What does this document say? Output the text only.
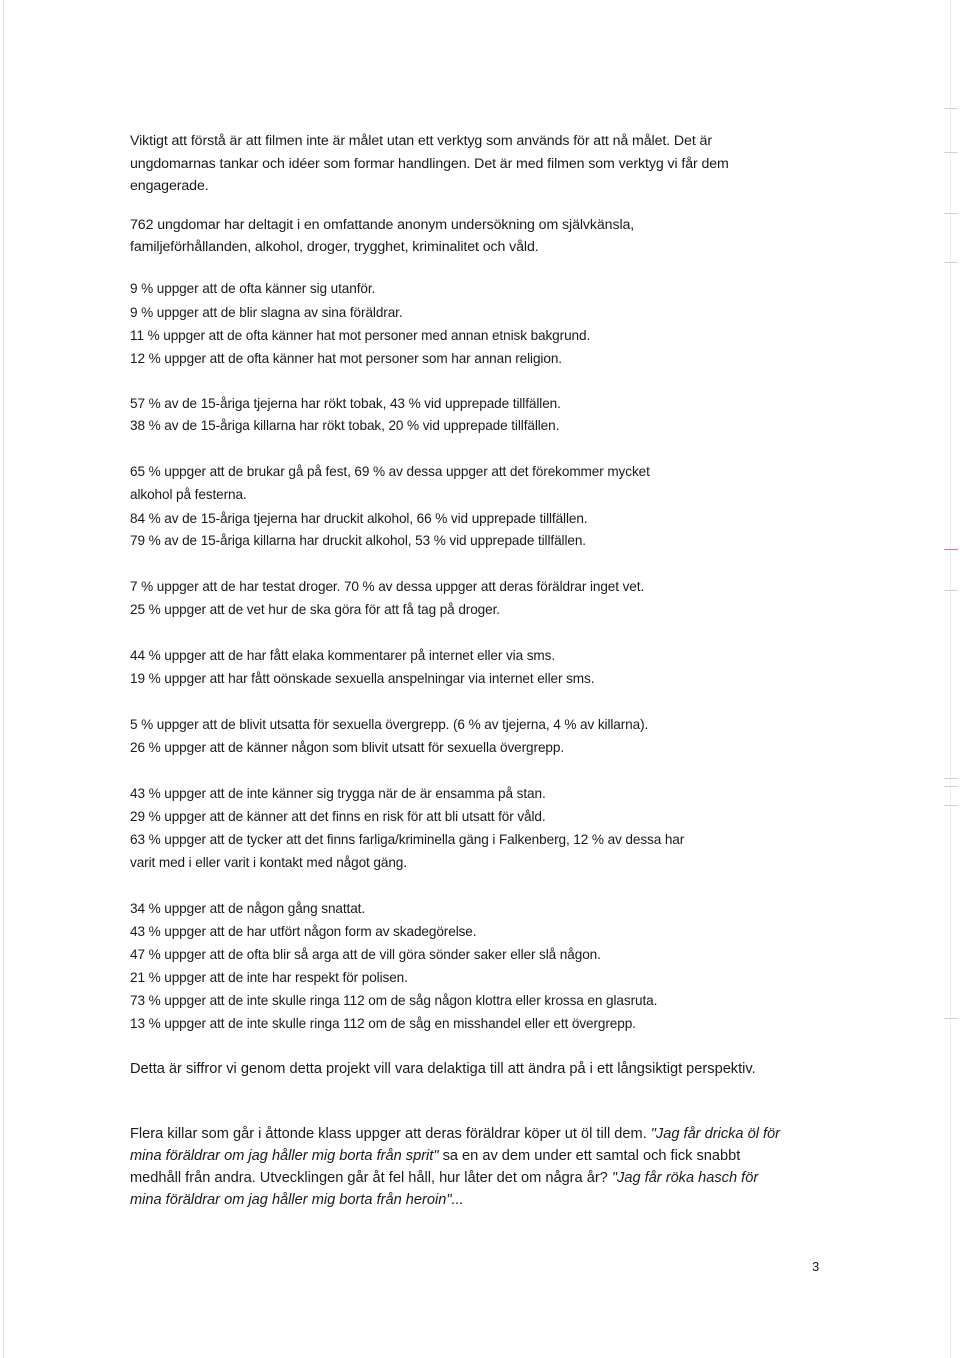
Viktigt att förstå är att filmen inte är målet utan ett verktyg som används för att nå målet. Det är

ungdomarnas tankar och idéer som formar handlingen. Det är med filmen som verktyg vi får dem

engagerade.

762 ungdomar har deltagit i en omfattande anonym undersökning om självkänsla,

familjeförhållanden, alkohol, droger, trygghet, kriminalitet och våld.

9 % uppger att de ofta känner sig utanför.

9 % uppger att de blir slagna av sina föräldrar.

11 % uppger att de ofta känner hat mot personer med annan etnisk bakgrund.

12 % uppger att de ofta känner hat mot personer som har annan religion.

57 % av de 15-åriga tjejerna har rökt tobak, 43 % vid upprepade tillfällen.

38 % av de 15-åriga killarna har rökt tobak, 20 % vid upprepade tillfällen.

65 % uppger att de brukar gå på fest, 69 % av dessa uppger att det förekommer mycket

alkohol på festerna.

84 % av de 15-åriga tjejerna har druckit alkohol, 66 % vid upprepade tillfällen.

79 % av de 15-åriga killarna har druckit alkohol, 53 % vid upprepade tillfällen.

7 % uppger att de har testat droger. 70 % av dessa uppger att deras föräldrar inget vet.

25 % uppger att de vet hur de ska göra för att få tag på droger.

44 % uppger att de har fått elaka kommentarer på internet eller via sms.

19 % uppger att har fått oönskade sexuella anspelningar via internet eller sms.

5 % uppger att de blivit utsatta för sexuella övergrepp. (6 % av tjejerna, 4 % av killarna).

26 % uppger att de känner någon som blivit utsatt för sexuella övergrepp.

43 % uppger att de inte känner sig trygga när de är ensamma på stan.

29 % uppger att de känner att det finns en risk för att bli utsatt för våld.

63 % uppger att de tycker att det finns farliga/kriminella gäng i Falkenberg, 12 % av dessa har

varit med i eller varit i kontakt med något gäng.

34 % uppger att de någon gång snattat.

43 % uppger att de har utfört någon form av skadegörelse.

47 % uppger att de ofta blir så arga att de vill göra sönder saker eller slå någon.

21 % uppger att de inte har respekt för polisen.

73 % uppger att de inte skulle ringa 112 om de såg någon klottra eller krossa en glasruta.

13 % uppger att de inte skulle ringa 112 om de såg en misshandel eller ett övergrepp.

Detta är siffror vi genom detta projekt vill vara delaktiga till att ändra på i ett långsiktigt perspektiv.

Flera killar som går i åttonde klass uppger att deras föräldrar köper ut öl till dem. "Jag får dricka öl för

mina föräldrar om jag håller mig borta från sprit" sa en av dem under ett samtal och fick snabbt

medhåll från andra. Utvecklingen går åt fel håll, hur låter det om några år? "Jag får röka hasch för

mina föräldrar om jag håller mig borta från heroin"...

3
